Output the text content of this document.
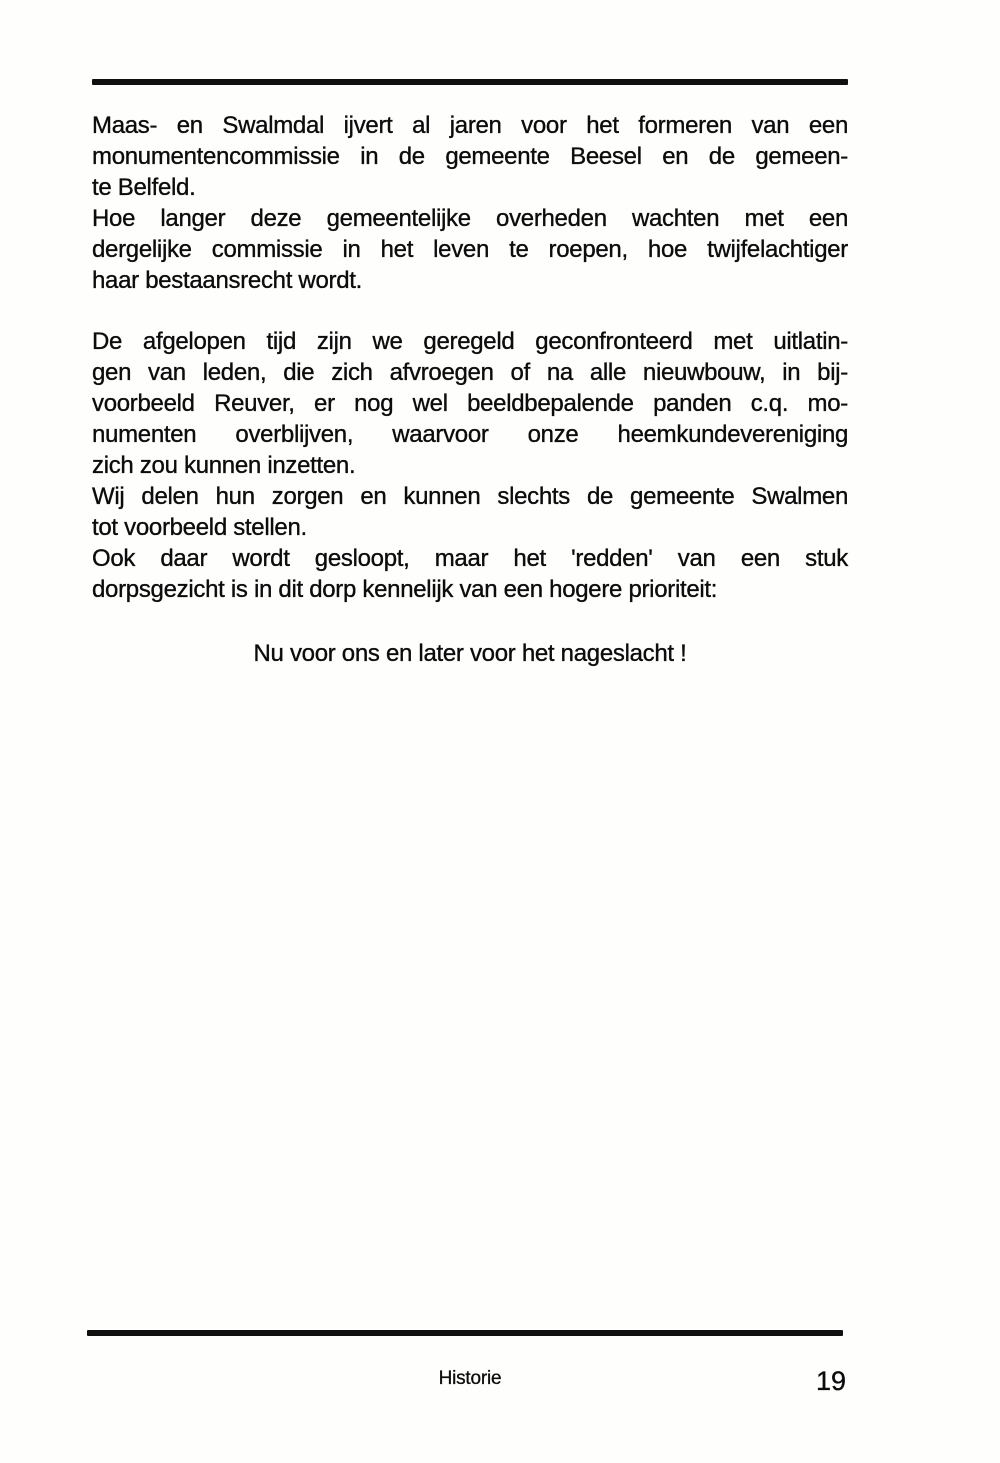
Maas- en Swalmdal ijvert al jaren voor het formeren van een
monumentencommissie in de gemeente Beesel en de gemeen-
te Belfeld.
Hoe langer deze gemeentelijke overheden wachten met een
dergelijke commissie in het leven te roepen, hoe twijfelachtiger
haar bestaansrecht wordt.
De afgelopen tijd zijn we geregeld geconfronteerd met uitlatin-
gen van leden, die zich afvroegen of na alle nieuwbouw, in bij-
voorbeeld Reuver, er nog wel beeldbepalende panden c.q. mo-
numenten overblijven, waarvoor onze heemkundevereniging
zich zou kunnen inzetten.
Wij delen hun zorgen en kunnen slechts de gemeente Swalmen
tot voorbeeld stellen.
Ook daar wordt gesloopt, maar het 'redden' van een stuk
dorpsgezicht is in dit dorp kennelijk van een hogere prioriteit:
Nu voor ons en later voor het nageslacht !
Historie	19
